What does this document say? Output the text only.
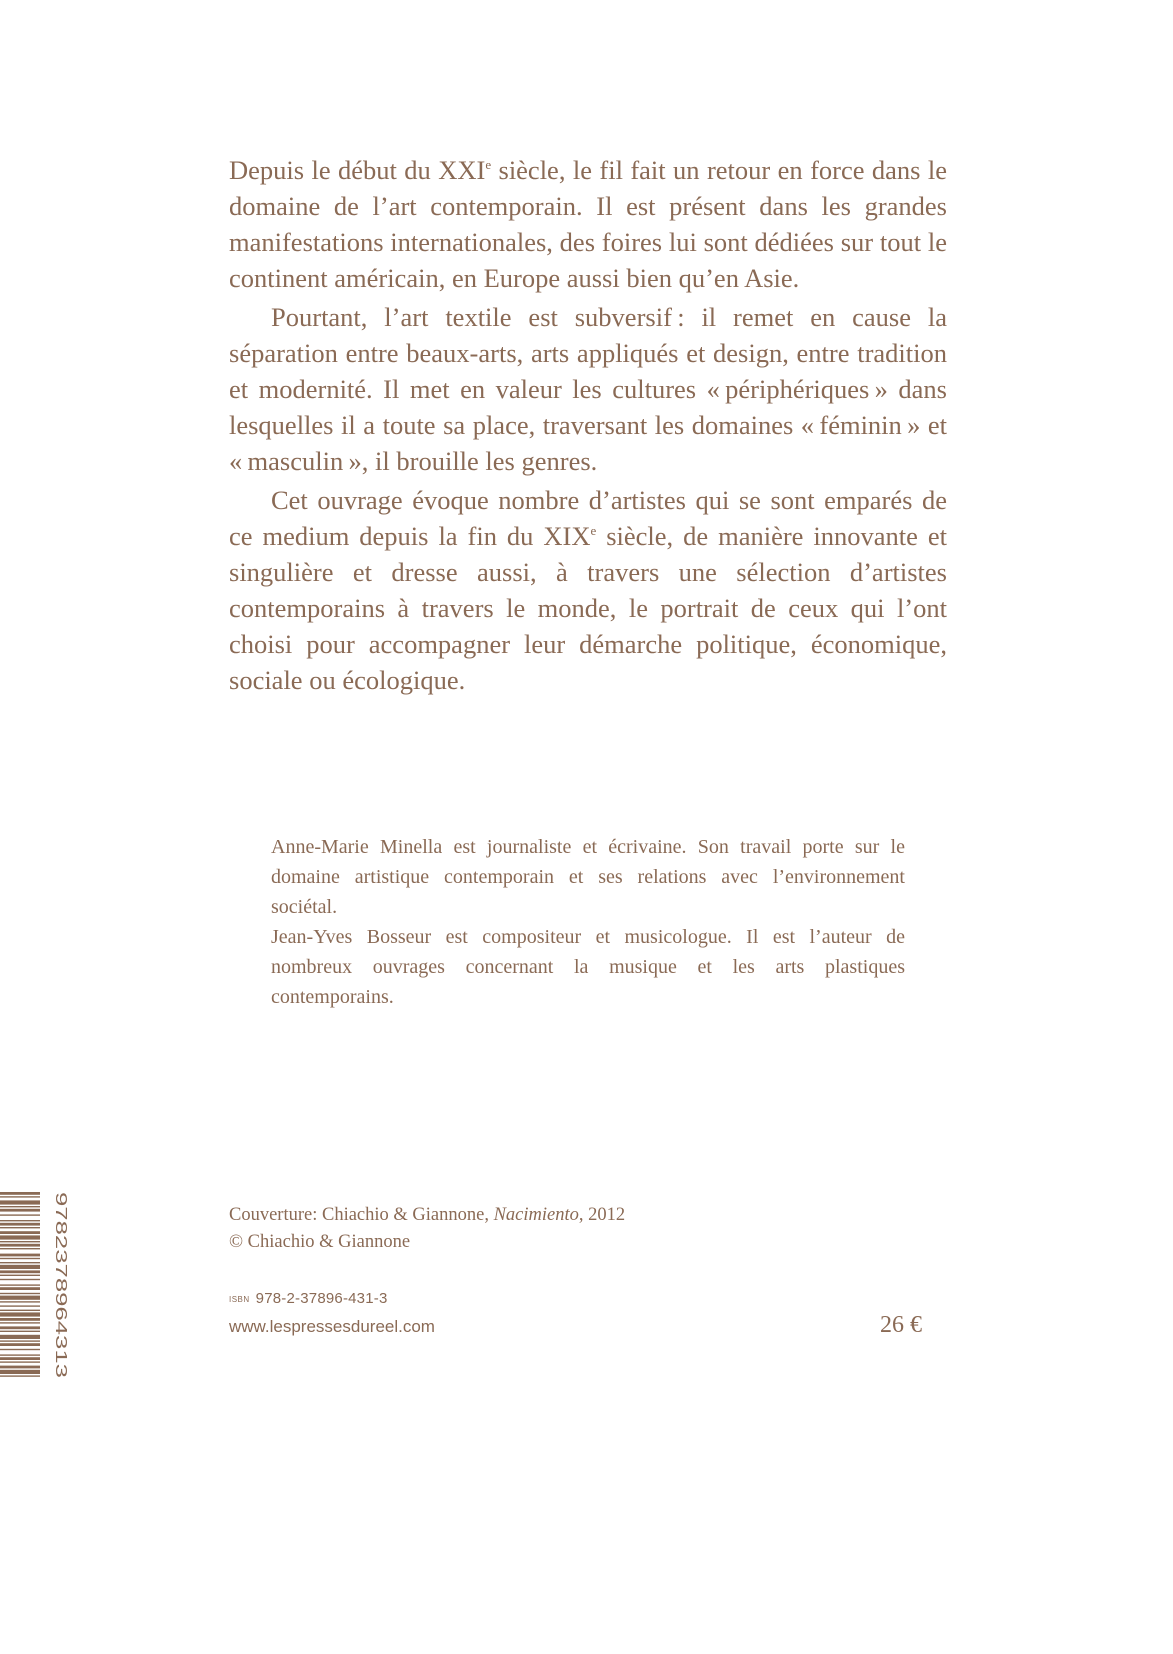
Depuis le début du XXIe siècle, le fil fait un retour en force dans le domaine de l’art contemporain. Il est présent dans les grandes manifestations internationales, des foires lui sont dédiées sur tout le continent américain, en Europe aussi bien qu’en Asie.

Pourtant, l’art textile est subversif : il remet en cause la séparation entre beaux-arts, arts appliqués et design, entre tradition et modernité. Il met en valeur les cultures « périphériques » dans lesquelles il a toute sa place, traversant les domaines « féminin » et « masculin », il brouille les genres.

Cet ouvrage évoque nombre d’artistes qui se sont emparés de ce medium depuis la fin du XIXe siècle, de manière innovante et singulière et dresse aussi, à travers une sélection d’artistes contemporains à travers le monde, le portrait de ceux qui l’ont choisi pour accompagner leur démarche politique, économique, sociale ou écologique.

Anne-Marie Minella est journaliste et écrivaine. Son travail porte sur le domaine artistique contemporain et ses relations avec l’environnement sociétal.

Jean-Yves Bosseur est compositeur et musicologue. Il est l’auteur de nombreux ouvrages concernant la musique et les arts plastiques contemporains.

Couverture: Chiachio & Giannone, Nacimiento, 2012

© Chiachio & Giannone

ISBN 978-2-37896-431-3
www.lespressesdureel.com	26 €
9782378964313
